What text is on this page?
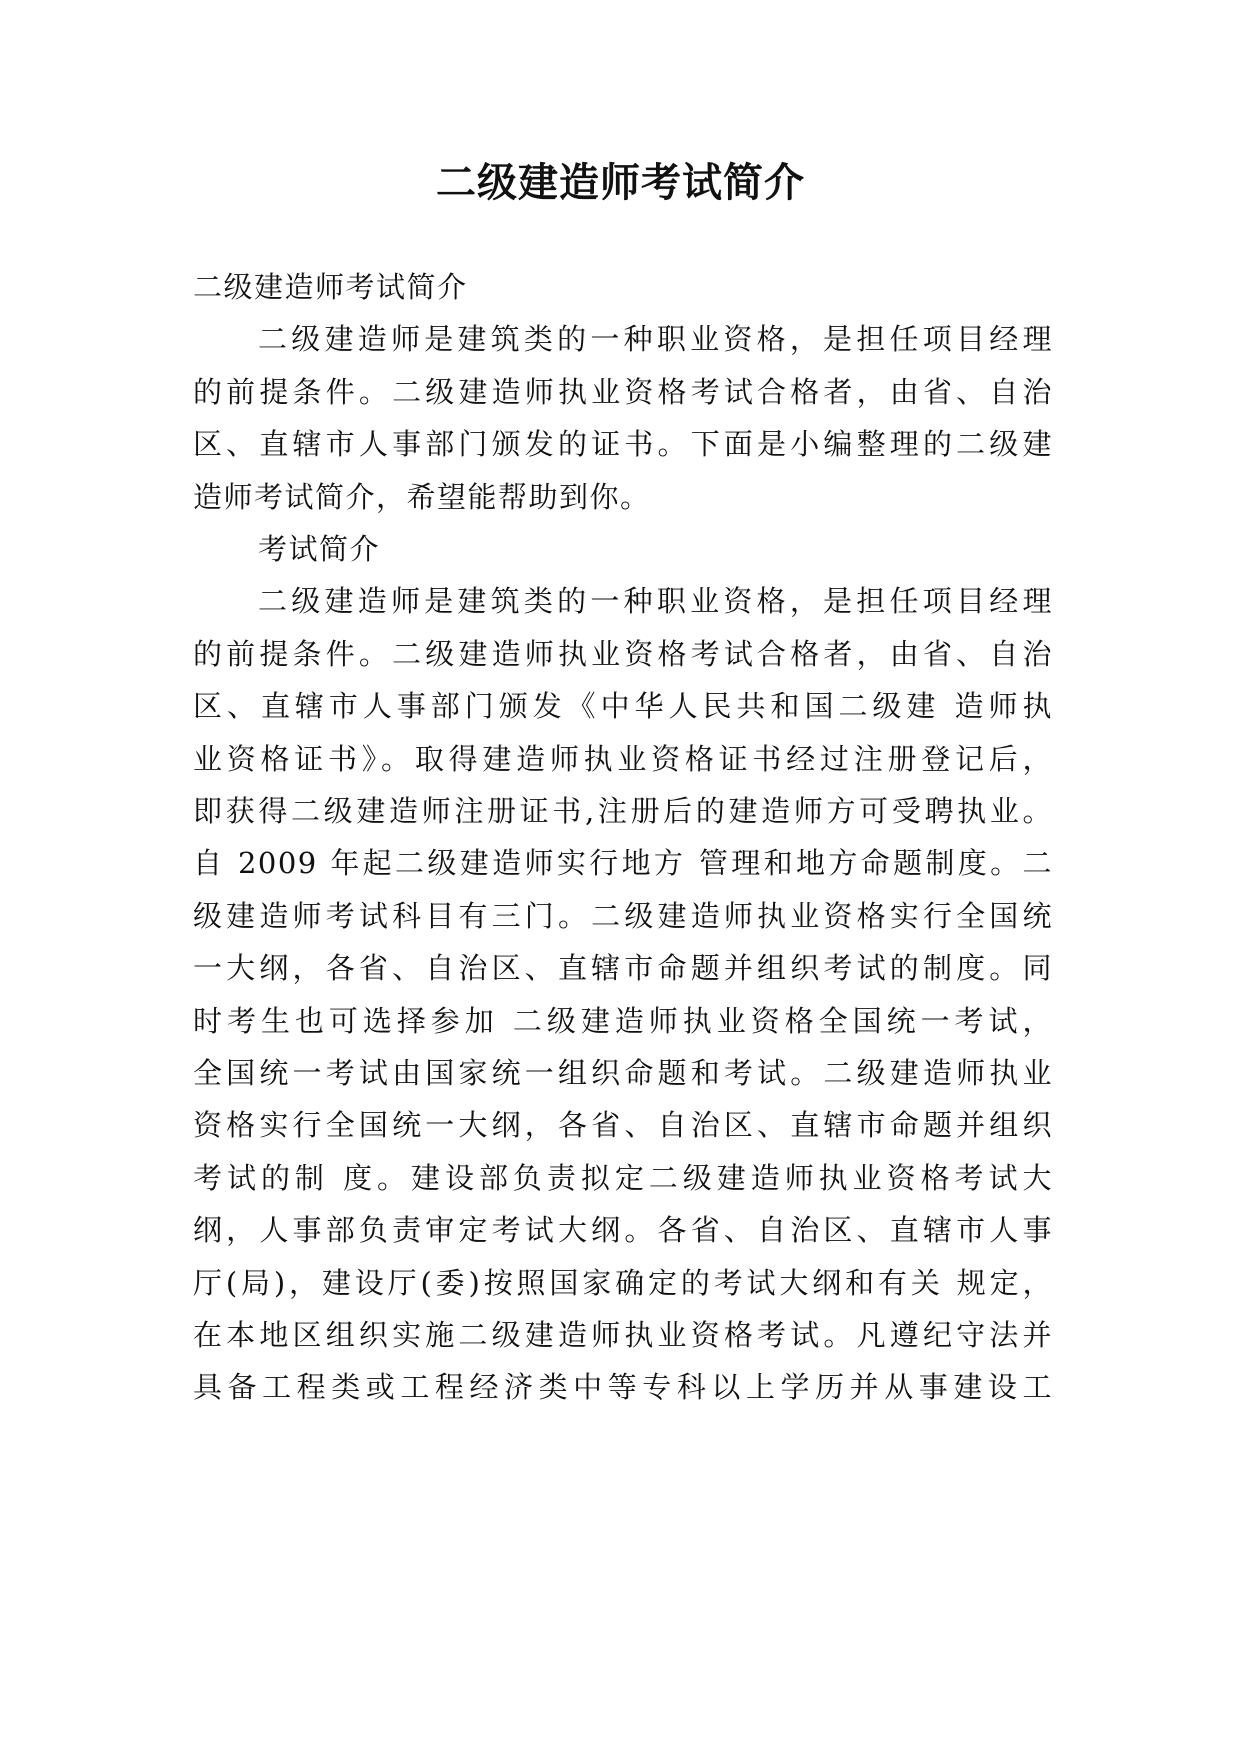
二级建造师考试简介
二级建造师考试简介
二级建造师是建筑类的一种职业资格，是担任项目经理
的前提条件。二级建造师执业资格考试合格者，由省、自治
区、直辖市人事部门颁发的证书。下面是小编整理的二级建
造师考试简介，希望能帮助到你。
考试简介
二级建造师是建筑类的一种职业资格，是担任项目经理
的前提条件。二级建造师执业资格考试合格者，由省、自治
区、直辖市人事部门颁发《中华人民共和国二级建 造师执
业资格证书》。取得建造师执业资格证书经过注册登记后，
即获得二级建造师注册证书,注册后的建造师方可受聘执业。
自 2009 年起二级建造师实行地方 管理和地方命题制度。二
级建造师考试科目有三门。二级建造师执业资格实行全国统
一大纲，各省、自治区、直辖市命题并组织考试的制度。同
时考生也可选择参加 二级建造师执业资格全国统一考试，
全国统一考试由国家统一组织命题和考试。二级建造师执业
资格实行全国统一大纲，各省、自治区、直辖市命题并组织
考试的制 度。建设部负责拟定二级建造师执业资格考试大
纲，人事部负责审定考试大纲。各省、自治区、直辖市人事
厅(局)，建设厅(委)按照国家确定的考试大纲和有关 规定，
在本地区组织实施二级建造师执业资格考试。凡遵纪守法并
具备工程类或工程经济类中等专科以上学历并从事建设工
